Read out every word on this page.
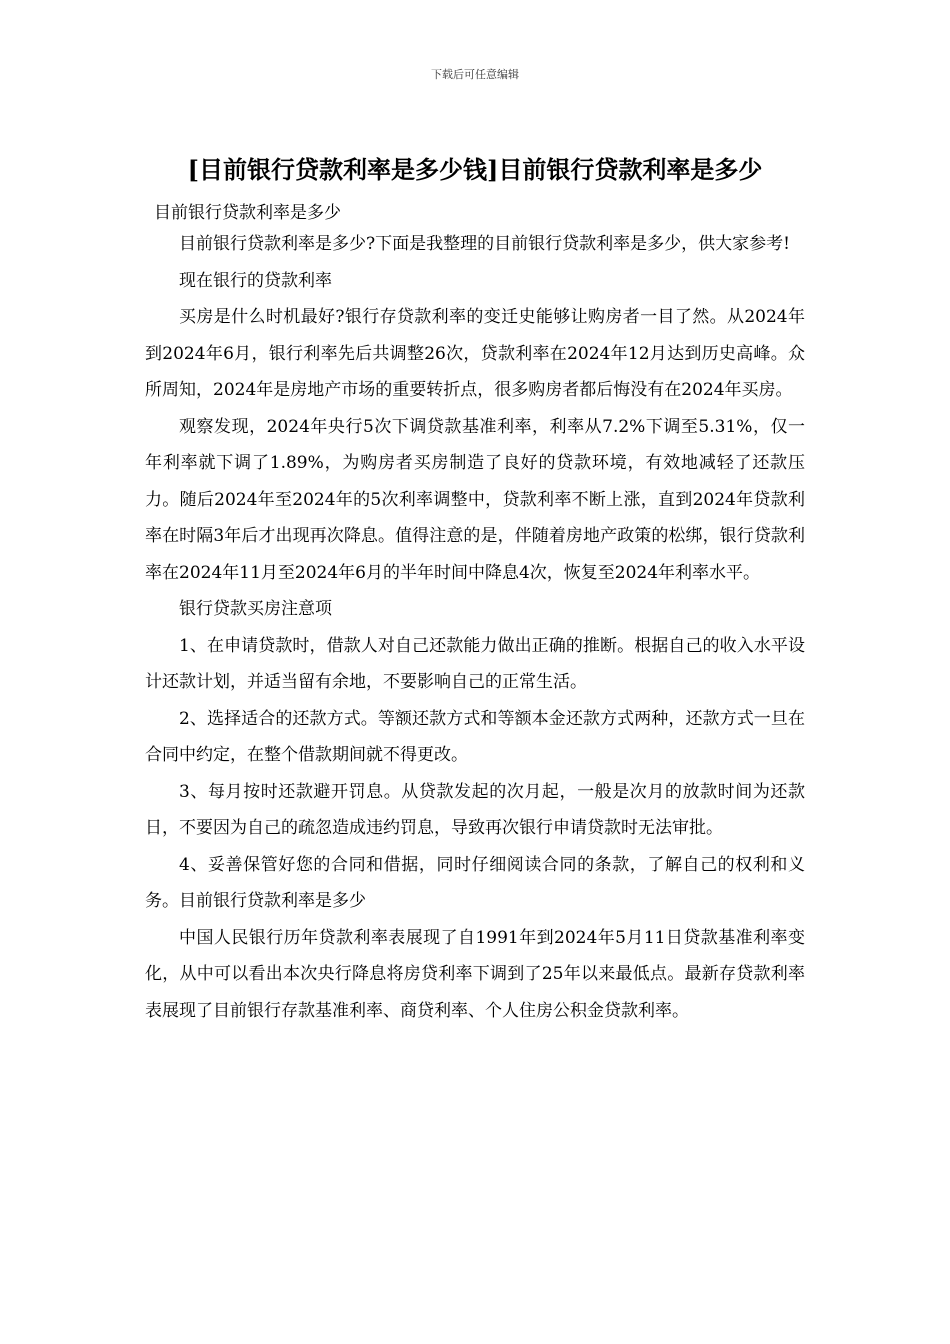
下载后可任意编辑
[目前银行贷款利率是多少钱]目前银行贷款利率是多少
目前银行贷款利率是多少

目前银行贷款利率是多少?下面是我整理的目前银行贷款利率是多少，供大家参考!

现在银行的贷款利率

买房是什么时机最好?银行存贷款利率的变迁史能够让购房者一目了然。从2024年到2024年6月，银行利率先后共调整26次，贷款利率在2024年12月达到历史高峰。众所周知，2024年是房地产市场的重要转折点，很多购房者都后悔没有在2024年买房。

观察发现，2024年央行5次下调贷款基准利率，利率从7.2%下调至5.31%，仅一年利率就下调了1.89%，为购房者买房制造了良好的贷款环境，有效地减轻了还款压力。随后2024年至2024年的5次利率调整中，贷款利率不断上涨，直到2024年贷款利率在时隔3年后才出现再次降息。值得注意的是，伴随着房地产政策的松绑，银行贷款利率在2024年11月至2024年6月的半年时间中降息4次，恢复至2024年利率水平。

银行贷款买房注意项

1、在申请贷款时，借款人对自己还款能力做出正确的推断。根据自己的收入水平设计还款计划，并适当留有余地，不要影响自己的正常生活。

2、选择适合的还款方式。等额还款方式和等额本金还款方式两种，还款方式一旦在合同中约定，在整个借款期间就不得更改。

3、每月按时还款避开罚息。从贷款发起的次月起，一般是次月的放款时间为还款日，不要因为自己的疏忽造成违约罚息，导致再次银行申请贷款时无法审批。

4、妥善保管好您的合同和借据，同时仔细阅读合同的条款，了解自己的权利和义务。目前银行贷款利率是多少

中国人民银行历年贷款利率表展现了自1991年到2024年5月11日贷款基准利率变化，从中可以看出本次央行降息将房贷利率下调到了25年以来最低点。最新存贷款利率表展现了目前银行存款基准利率、商贷利率、个人住房公积金贷款利率。
